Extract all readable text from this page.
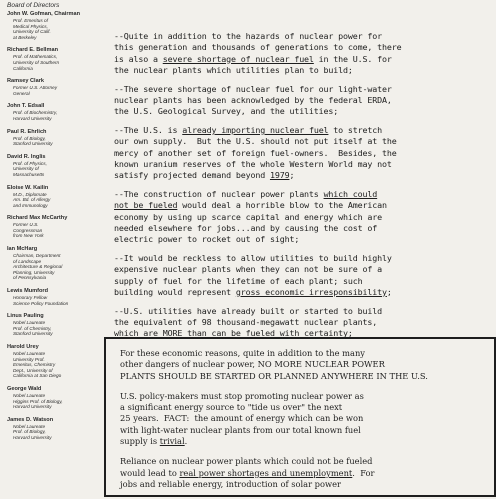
Board of Directors
John W. Gofman, Chairman
Prof. Emeritus of
Medical Physics,
University of Calif.
at Berkeley
Richard E. Bellman
Prof. of Mathematics,
University of Southern
California
Ramsey Clark
Former U.S. Attorney
General
John T. Edsall
Prof. of Biochemistry,
Harvard University
Paul R. Ehrlich
Prof. of Biology,
Stanford University
David R. Inglis
Prof. of Physics,
University of
Massachusetts
Eloise W. Kailin
M.D., Diplomate
Am. Bd. of Allergy
and Immunology
Richard Max McCarthy
Former U.S.
Congressman
from New York
Ian McHarg
Chairman, Department
of Landscape
Architecture & Regional
Planning, University
of Pennsylvania
Lewis Mumford
Honorary Fellow
Science Policy Foundation
Linus Pauling
Nobel Laureate
Prof. of Chemistry,
Stanford University
Harold Urey
Nobel Laureate
University Prof.
Emeritus, Chemistry
Dept., University of
California at San Diego
George Wald
Nobel Laureate
Higgins Prof. of Biology,
Harvard University
James D. Watson
Nobel Laureate
Prof. of Biology,
Harvard University
--Quite in addition to the hazards of nuclear power for
this generation and thousands of generations to come, there
is also a severe shortage of nuclear fuel in the U.S. for
the nuclear plants which utilities plan to build;
--The severe shortage of nuclear fuel for our light-water
nuclear plants has been acknowledged by the federal ERDA,
the U.S. Geological Survey, and the utilities;
--The U.S. is already importing nuclear fuel to stretch
our own supply.  But the U.S. should not put itself at the
mercy of another set of foreign fuel-owners.  Besides, the
known uranium reserves of the whole Western World may not
satisfy projected demand beyond 1979;
--The construction of nuclear power plants which could
not be fueled would deal a horrible blow to the American
economy by using up scarce capital and energy which are
needed elsewhere for jobs...and by causing the cost of
electric power to rocket out of sight;
--It would be reckless to allow utilities to build highly
expensive nuclear plants when they can not be sure of a
supply of fuel for the lifetime of each plant; such
building would represent gross economic irresponsibility;
--U.S. utilities have already built or started to build
the equivalent of 98 thousand-megawatt nuclear plants,
which are MORE than can be fueled with certainty;
For these economic reasons, quite in addition to the many
other dangers of nuclear power, NO MORE NUCLEAR POWER
PLANTS SHOULD BE STARTED OR PLANNED ANYWHERE IN THE U.S.
U.S. policy-makers must stop promoting nuclear power as
a significant energy source to "tide us over" the next
25 years.  FACT:  the amount of energy which can be won
with light-water nuclear plants from our total known fuel
supply is trivial.
Reliance on nuclear power plants which could not be fueled
would lead to real power shortages and unemployment.  For
jobs and reliable energy, introduction of solar power
